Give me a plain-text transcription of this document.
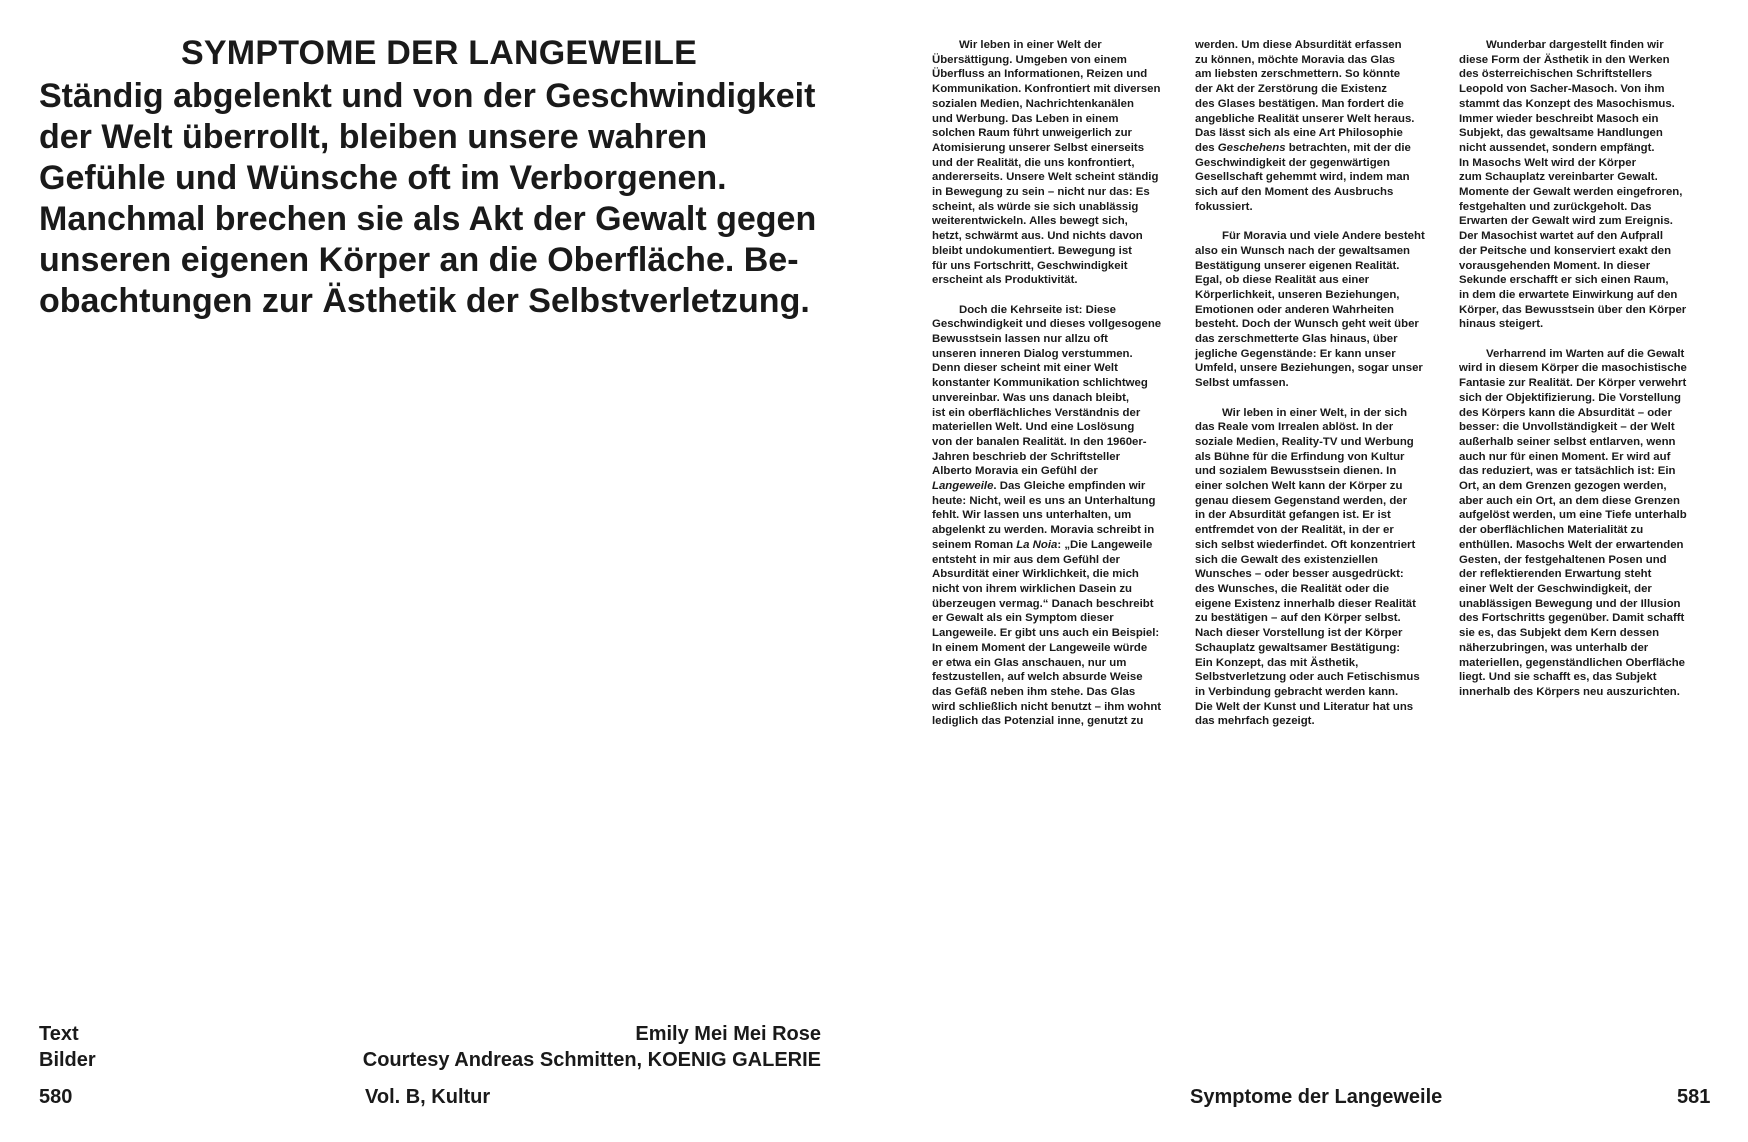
SYMPTOME DER LANGEWEILE
Ständig abgelenkt und von der Geschwindigkeit
der Welt überrollt, bleiben unsere wahren
Gefühle und Wünsche oft im Verborgenen.
Manchmal brechen sie als Akt der Gewalt gegen
unseren eigenen Körper an die Oberfläche. Be-
obachtungen zur Ästhetik der Selbstverletzung.
Text	Emily Mei Mei Rose
Bilder	Courtesy Andreas Schmitten, KOENIG GALERIE
580	Vol. B, Kultur

Wir leben in einer Welt der
Übersättigung. Umgeben von einem
Überfluss an Informationen, Reizen und
Kommunikation. Konfrontiert mit diversen
sozialen Medien, Nachrichtenkanälen
und Werbung. Das Leben in einem
solchen Raum führt unweigerlich zur
Atomisierung unserer Selbst einerseits
und der Realität, die uns konfrontiert,
andererseits. Unsere Welt scheint ständig
in Bewegung zu sein – nicht nur das: Es
scheint, als würde sie sich unablässig
weiterentwickeln. Alles bewegt sich,
hetzt, schwärmt aus. Und nichts davon
bleibt undokumentiert. Bewegung ist
für uns Fortschritt, Geschwindigkeit
erscheint als Produktivität.

Doch die Kehrseite ist: Diese
Geschwindigkeit und dieses vollgesogene
Bewusstsein lassen nur allzu oft
unseren inneren Dialog verstummen.
Denn dieser scheint mit einer Welt
konstanter Kommunikation schlichtweg
unvereinbar. Was uns danach bleibt,
ist ein oberflächliches Verständnis der
materiellen Welt. Und eine Loslösung
von der banalen Realität. In den 1960er-
Jahren beschrieb der Schriftsteller
Alberto Moravia ein Gefühl der
Langeweile. Das Gleiche empfinden wir
heute: Nicht, weil es uns an Unterhaltung
fehlt. Wir lassen uns unterhalten, um
abgelenkt zu werden. Moravia schreibt in
seinem Roman La Noia: „Die Langeweile
entsteht in mir aus dem Gefühl der
Absurdität einer Wirklichkeit, die mich
nicht von ihrem wirklichen Dasein zu
überzeugen vermag.“ Danach beschreibt
er Gewalt als ein Symptom dieser
Langeweile. Er gibt uns auch ein Beispiel:
In einem Moment der Langeweile würde
er etwa ein Glas anschauen, nur um
festzustellen, auf welch absurde Weise
das Gefäß neben ihm stehe. Das Glas
wird schließlich nicht benutzt – ihm wohnt
lediglich das Potenzial inne, genutzt zu

werden. Um diese Absurdität erfassen
zu können, möchte Moravia das Glas
am liebsten zerschmettern. So könnte
der Akt der Zerstörung die Existenz
des Glases bestätigen. Man fordert die
angebliche Realität unserer Welt heraus.
Das lässt sich als eine Art Philosophie
des Geschehens betrachten, mit der die
Geschwindigkeit der gegenwärtigen
Gesellschaft gehemmt wird, indem man
sich auf den Moment des Ausbruchs
fokussiert.

Für Moravia und viele Andere besteht
also ein Wunsch nach der gewaltsamen
Bestätigung unserer eigenen Realität.
Egal, ob diese Realität aus einer
Körperlichkeit, unseren Beziehungen,
Emotionen oder anderen Wahrheiten
besteht. Doch der Wunsch geht weit über
das zerschmetterte Glas hinaus, über
jegliche Gegenstände: Er kann unser
Umfeld, unsere Beziehungen, sogar unser
Selbst umfassen.

Wir leben in einer Welt, in der sich
das Reale vom Irrealen ablöst. In der
soziale Medien, Reality-TV und Werbung
als Bühne für die Erfindung von Kultur
und sozialem Bewusstsein dienen. In
einer solchen Welt kann der Körper zu
genau diesem Gegenstand werden, der
in der Absurdität gefangen ist. Er ist
entfremdet von der Realität, in der er
sich selbst wiederfindet. Oft konzentriert
sich die Gewalt des existenziellen
Wunsches – oder besser ausgedrückt:
des Wunsches, die Realität oder die
eigene Existenz innerhalb dieser Realität
zu bestätigen – auf den Körper selbst.
Nach dieser Vorstellung ist der Körper
Schauplatz gewaltsamer Bestätigung:
Ein Konzept, das mit Ästhetik,
Selbstverletzung oder auch Fetischismus
in Verbindung gebracht werden kann.
Die Welt der Kunst und Literatur hat uns
das mehrfach gezeigt.

Wunderbar dargestellt finden wir
diese Form der Ästhetik in den Werken
des österreichischen Schriftstellers
Leopold von Sacher-Masoch. Von ihm
stammt das Konzept des Masochismus.
Immer wieder beschreibt Masoch ein
Subjekt, das gewaltsame Handlungen
nicht aussendet, sondern empfängt.
In Masochs Welt wird der Körper
zum Schauplatz vereinbarter Gewalt.
Momente der Gewalt werden eingefroren,
festgehalten und zurückgeholt. Das
Erwarten der Gewalt wird zum Ereignis.
Der Masochist wartet auf den Aufprall
der Peitsche und konserviert exakt den
vorausgehenden Moment. In dieser
Sekunde erschafft er sich einen Raum,
in dem die erwartete Einwirkung auf den
Körper, das Bewusstsein über den Körper
hinaus steigert.

Verharrend im Warten auf die Gewalt
wird in diesem Körper die masochistische
Fantasie zur Realität. Der Körper verwehrt
sich der Objektifizierung. Die Vorstellung
des Körpers kann die Absurdität – oder
besser: die Unvollständigkeit – der Welt
außerhalb seiner selbst entlarven, wenn
auch nur für einen Moment. Er wird auf
das reduziert, was er tatsächlich ist: Ein
Ort, an dem Grenzen gezogen werden,
aber auch ein Ort, an dem diese Grenzen
aufgelöst werden, um eine Tiefe unterhalb
der oberflächlichen Materialität zu
enthüllen. Masochs Welt der erwartenden
Gesten, der festgehaltenen Posen und
der reflektierenden Erwartung steht
einer Welt der Geschwindigkeit, der
unablässigen Bewegung und der Illusion
des Fortschritts gegenüber. Damit schafft
sie es, das Subjekt dem Kern dessen
näherzubringen, was unterhalb der
materiellen, gegenständlichen Oberfläche
liegt. Und sie schafft es, das Subjekt
innerhalb des Körpers neu auszurichten.

Symptome der Langeweile	581
